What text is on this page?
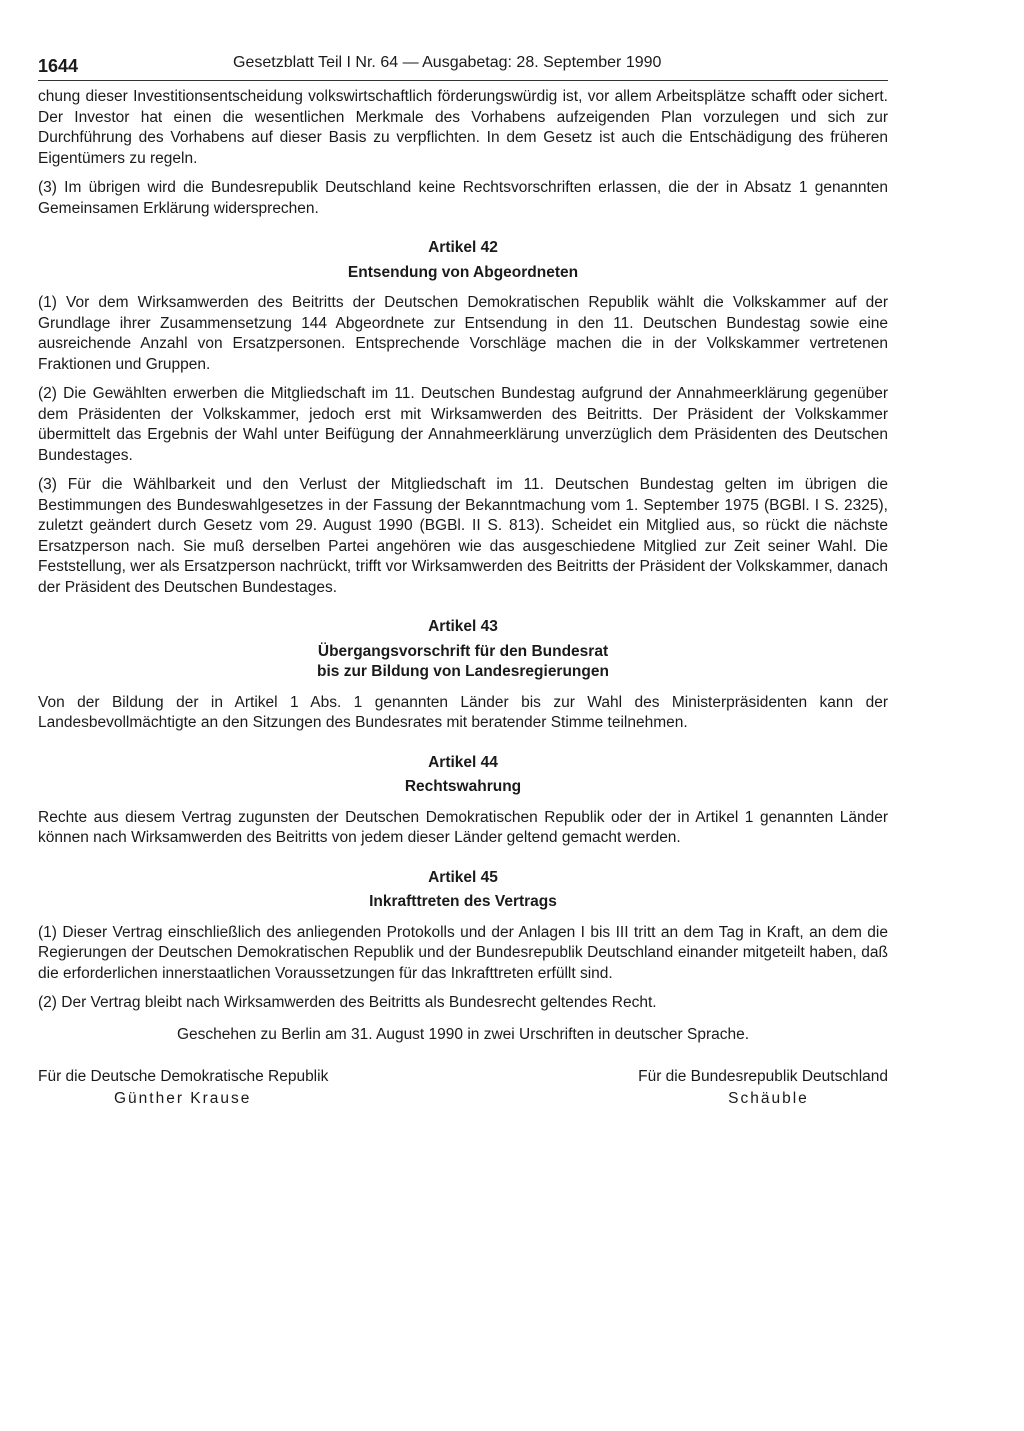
1644	Gesetzblatt Teil I Nr. 64 — Ausgabetag: 28. September 1990

chung dieser Investitionsentscheidung volkswirtschaftlich förderungswürdig ist, vor allem Arbeitsplätze schafft oder sichert. Der Investor hat einen die wesentlichen Merkmale des Vorhabens aufzeigenden Plan vorzulegen und sich zur Durchführung des Vorhabens auf dieser Basis zu verpflichten. In dem Gesetz ist auch die Entschädigung des früheren Eigentümers zu regeln.

(3) Im übrigen wird die Bundesrepublik Deutschland keine Rechtsvorschriften erlassen, die der in Absatz 1 genannten Gemeinsamen Erklärung widersprechen.

Artikel 42
Entsendung von Abgeordneten

(1) Vor dem Wirksamwerden des Beitritts der Deutschen Demokratischen Republik wählt die Volkskammer auf der Grundlage ihrer Zusammensetzung 144 Abgeordnete zur Entsendung in den 11. Deutschen Bundestag sowie eine ausreichende Anzahl von Ersatzpersonen. Entsprechende Vorschläge machen die in der Volkskammer vertretenen Fraktionen und Gruppen.

(2) Die Gewählten erwerben die Mitgliedschaft im 11. Deutschen Bundestag aufgrund der Annahmeerklärung gegenüber dem Präsidenten der Volkskammer, jedoch erst mit Wirksamwerden des Beitritts. Der Präsident der Volkskammer übermittelt das Ergebnis der Wahl unter Beifügung der Annahmeerklärung unverzüglich dem Präsidenten des Deutschen Bundestages.

(3) Für die Wählbarkeit und den Verlust der Mitgliedschaft im 11. Deutschen Bundestag gelten im übrigen die Bestimmungen des Bundeswahlgesetzes in der Fassung der Bekanntmachung vom 1. September 1975 (BGBl. I S. 2325), zuletzt geändert durch Gesetz vom 29. August 1990 (BGBl. II S. 813). Scheidet ein Mitglied aus, so rückt die nächste Ersatzperson nach. Sie muß derselben Partei angehören wie das ausgeschiedene Mitglied zur Zeit seiner Wahl. Die Feststellung, wer als Ersatzperson nachrückt, trifft vor Wirksamwerden des Beitritts der Präsident der Volkskammer, danach der Präsident des Deutschen Bundestages.

Artikel 43
Übergangsvorschrift für den Bundesrat
bis zur Bildung von Landesregierungen

Von der Bildung der in Artikel 1 Abs. 1 genannten Länder bis zur Wahl des Ministerpräsidenten kann der Landesbevollmächtigte an den Sitzungen des Bundesrates mit beratender Stimme teilnehmen.

Artikel 44
Rechtswahrung

Rechte aus diesem Vertrag zugunsten der Deutschen Demokratischen Republik oder der in Artikel 1 genannten Länder können nach Wirksamwerden des Beitritts von jedem dieser Länder geltend gemacht werden.

Artikel 45
Inkrafttreten des Vertrags

(1) Dieser Vertrag einschließlich des anliegenden Protokolls und der Anlagen I bis III tritt an dem Tag in Kraft, an dem die Regierungen der Deutschen Demokratischen Republik und der Bundesrepublik Deutschland einander mitgeteilt haben, daß die erforderlichen innerstaatlichen Voraussetzungen für das Inkrafttreten erfüllt sind.

(2) Der Vertrag bleibt nach Wirksamwerden des Beitritts als Bundesrecht geltendes Recht.

Geschehen zu Berlin am 31. August 1990 in zwei Urschriften in deutscher Sprache.
Für die Deutsche Demokratische Republik
Günther Krause
Für die Bundesrepublik Deutschland
Schäuble
